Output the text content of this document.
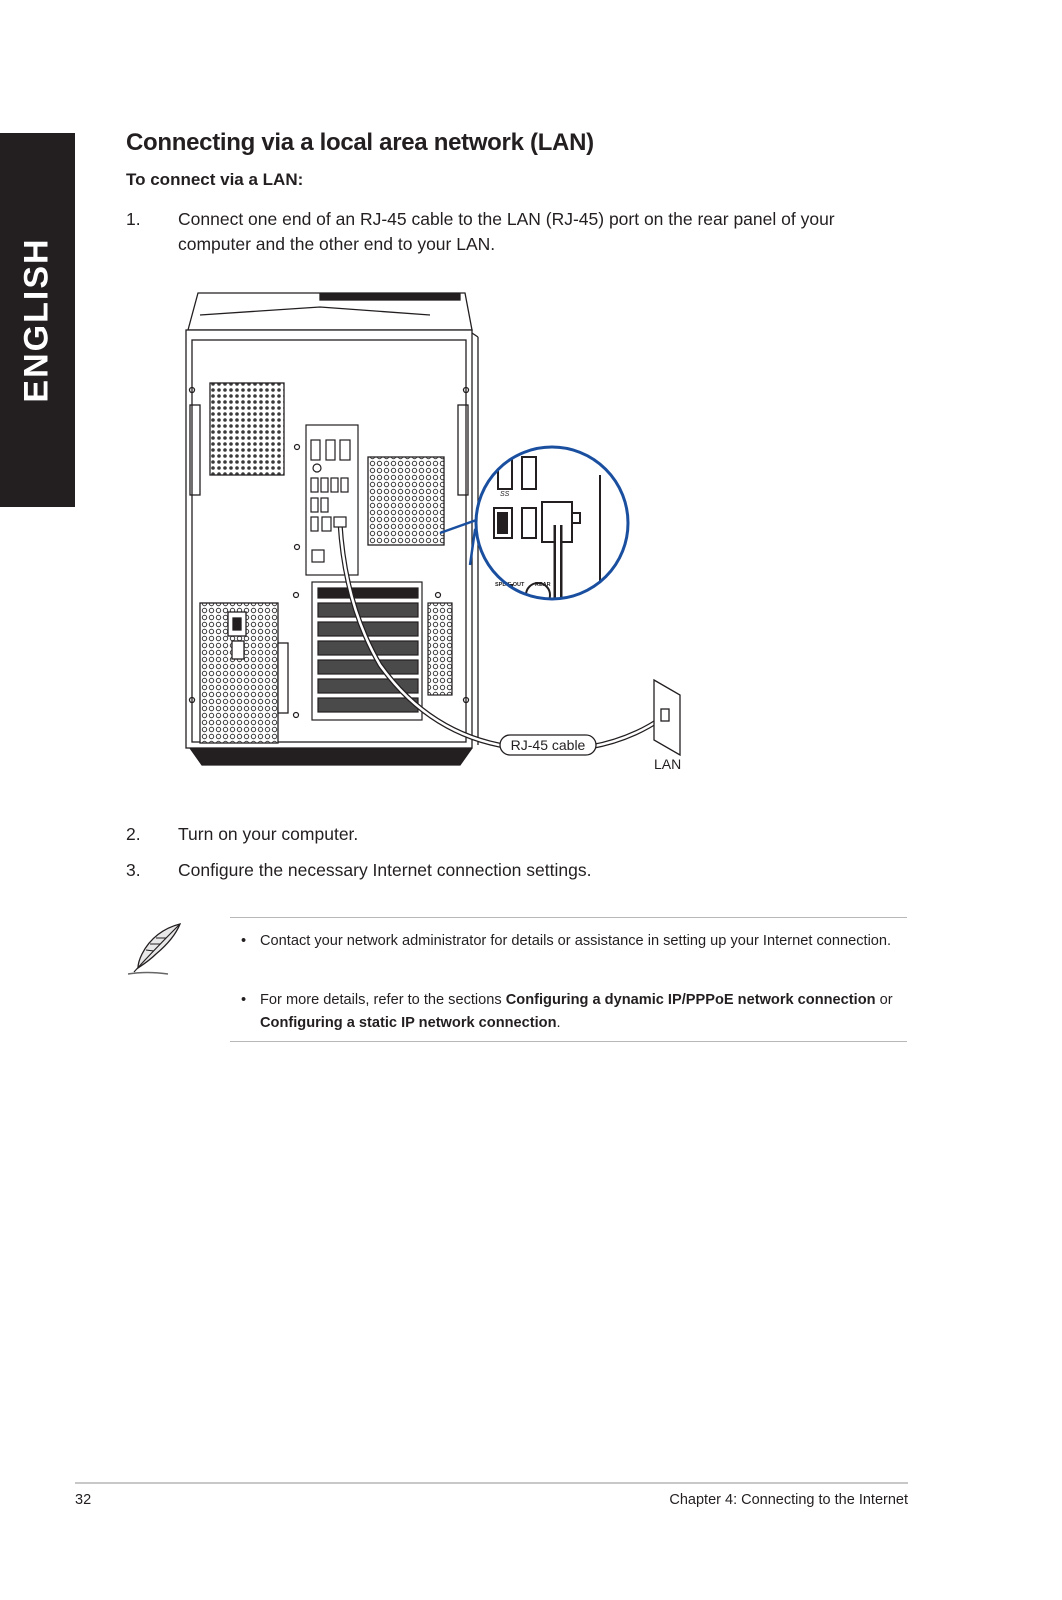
ENGLISH
Connecting via a local area network (LAN)
To connect via a LAN:
1. Connect one end of an RJ-45 cable to the LAN (RJ-45) port on the rear panel of your computer and the other end to your LAN.
SS
SPDIF OUT REAR
RJ-45 cable
LAN
2. Turn on your computer.
3. Configure the necessary Internet connection settings.
• Contact your network administrator for details or assistance in setting up your Internet connection.
• For more details, refer to the sections Configuring a dynamic IP/PPPoE network connection or Configuring a static IP network connection.
32	Chapter 4: Connecting to the Internet
